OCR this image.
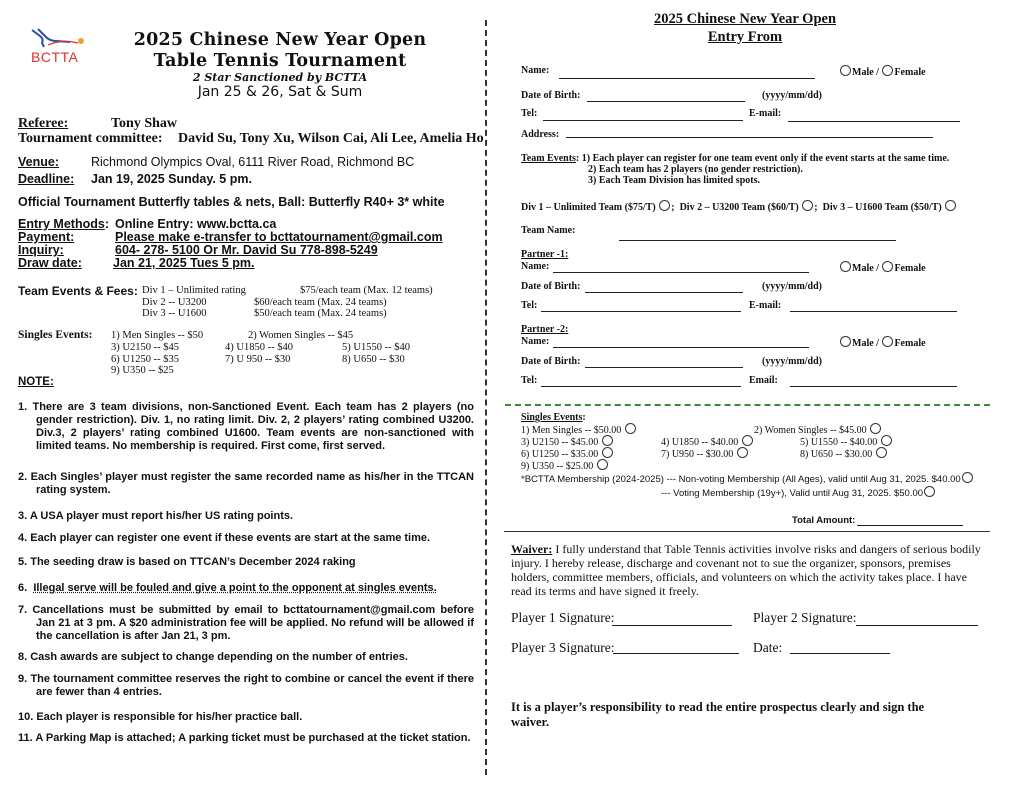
BCTTA
2025 Chinese New Year Open
Table Tennis Tournament
2 Star Sanctioned by BCTTA
Jan 25 & 26, Sat & Sum
Referee:	Tony Shaw
Tournament committee: David Su, Tony Xu, Wilson Cai, Ali Lee, Amelia Ho
Venue:	Richmond Olympics Oval, 6111 River Road, Richmond BC
Deadline: Jan 19, 2025 Sunday. 5 pm.
Official Tournament Butterfly tables & nets, Ball: Butterfly R40+ 3* white
Entry Methods: Online Entry: www.bctta.ca
Payment:	Please make e-transfer to bcttatournament@gmail.com
Inquiry:	604- 278- 5100 Or Mr. David Su 778-898-5249
Draw date: Jan 21, 2025 Tues 5 pm.
Team Events & Fees: Div 1 – Unlimited rating	$75/each team (Max. 12 teams)
Div 2 -- U3200	$60/each team (Max. 24 teams)
Div 3 -- U1600	$50/each team (Max. 24 teams)
Singles Events: 1) Men Singles -- $50	2) Women Singles -- $45
3) U2150 -- $45	4) U1850 -- $40	5) U1550 -- $40
6) U1250 -- $35	7) U 950 -- $30	8) U650 -- $30
9) U350 -- $25
NOTE:
1. There are 3 team divisions, non-Sanctioned Event. Each team has 2 players (no gender restriction). Div. 1, no rating limit. Div. 2, 2 players’ rating combined U3200. Div.3, 2 players’ rating combined U1600. Team events are non-sanctioned with limited teams. No membership is required. First come, first served.
2. Each Singles’ player must register the same recorded name as his/her in the TTCAN rating system.
3. A USA player must report his/her US rating points.
4. Each player can register one event if these events are start at the same time.
5. The seeding draw is based on TTCAN’s December 2024 raking
6. Illegal serve will be fouled and give a point to the opponent at singles events.
7. Cancellations must be submitted by email to bcttatournament@gmail.com before Jan 21 at 3 pm. A $20 administration fee will be applied. No refund will be allowed if the cancellation is after Jan 21, 3 pm.
8. Cash awards are subject to change depending on the number of entries.
9. The tournament committee reserves the right to combine or cancel the event if there are fewer than 4 entries.
10. Each player is responsible for his/her practice ball.
11. A Parking Map is attached; A parking ticket must be purchased at the ticket station.
2025 Chinese New Year Open
Entry From
Name:	Male / Female
Date of Birth:	(yyyy/mm/dd)
Tel:	E-mail:
Address:
Team Events: 1) Each player can register for one team event only if the event starts at the same time.
2) Each team has 2 players (no gender restriction).
3) Each Team Division has limited spots.
Div 1 – Unlimited Team ($75/T) ; Div 2 – U3200 Team ($60/T) ; Div 3 – U1600 Team ($50/T)
Team Name:
Partner -1:
Name:	Male / Female
Date of Birth:	(yyyy/mm/dd)
Tel:	E-mail:
Partner -2:
Name:	Male / Female
Date of Birth:	(yyyy/mm/dd)
Tel:	Email:
Singles Events:
1) Men Singles -- $50.00	2) Women Singles -- $45.00
3) U2150 -- $45.00	4) U1850 -- $40.00	5) U1550 -- $40.00
6) U1250 -- $35.00	7) U950 -- $30.00	8) U650 -- $30.00
9) U350 -- $25.00
*BCTTA Membership (2024-2025) --- Non-voting Membership (All Ages), valid until Aug 31, 2025. $40.00
--- Voting Membership (19y+), Valid until Aug 31, 2025. $50.00
Total Amount:
Waiver: I fully understand that Table Tennis activities involve risks and dangers of serious bodily injury. I hereby release, discharge and covenant not to sue the organizer, sponsors, premises holders, committee members, officials, and volunteers on which the activity takes place. I have read its terms and have signed it freely.
Player 1 Signature:	Player 2 Signature:
Player 3 Signature:	Date:
It is a player’s responsibility to read the entire prospectus clearly and sign the waiver.
